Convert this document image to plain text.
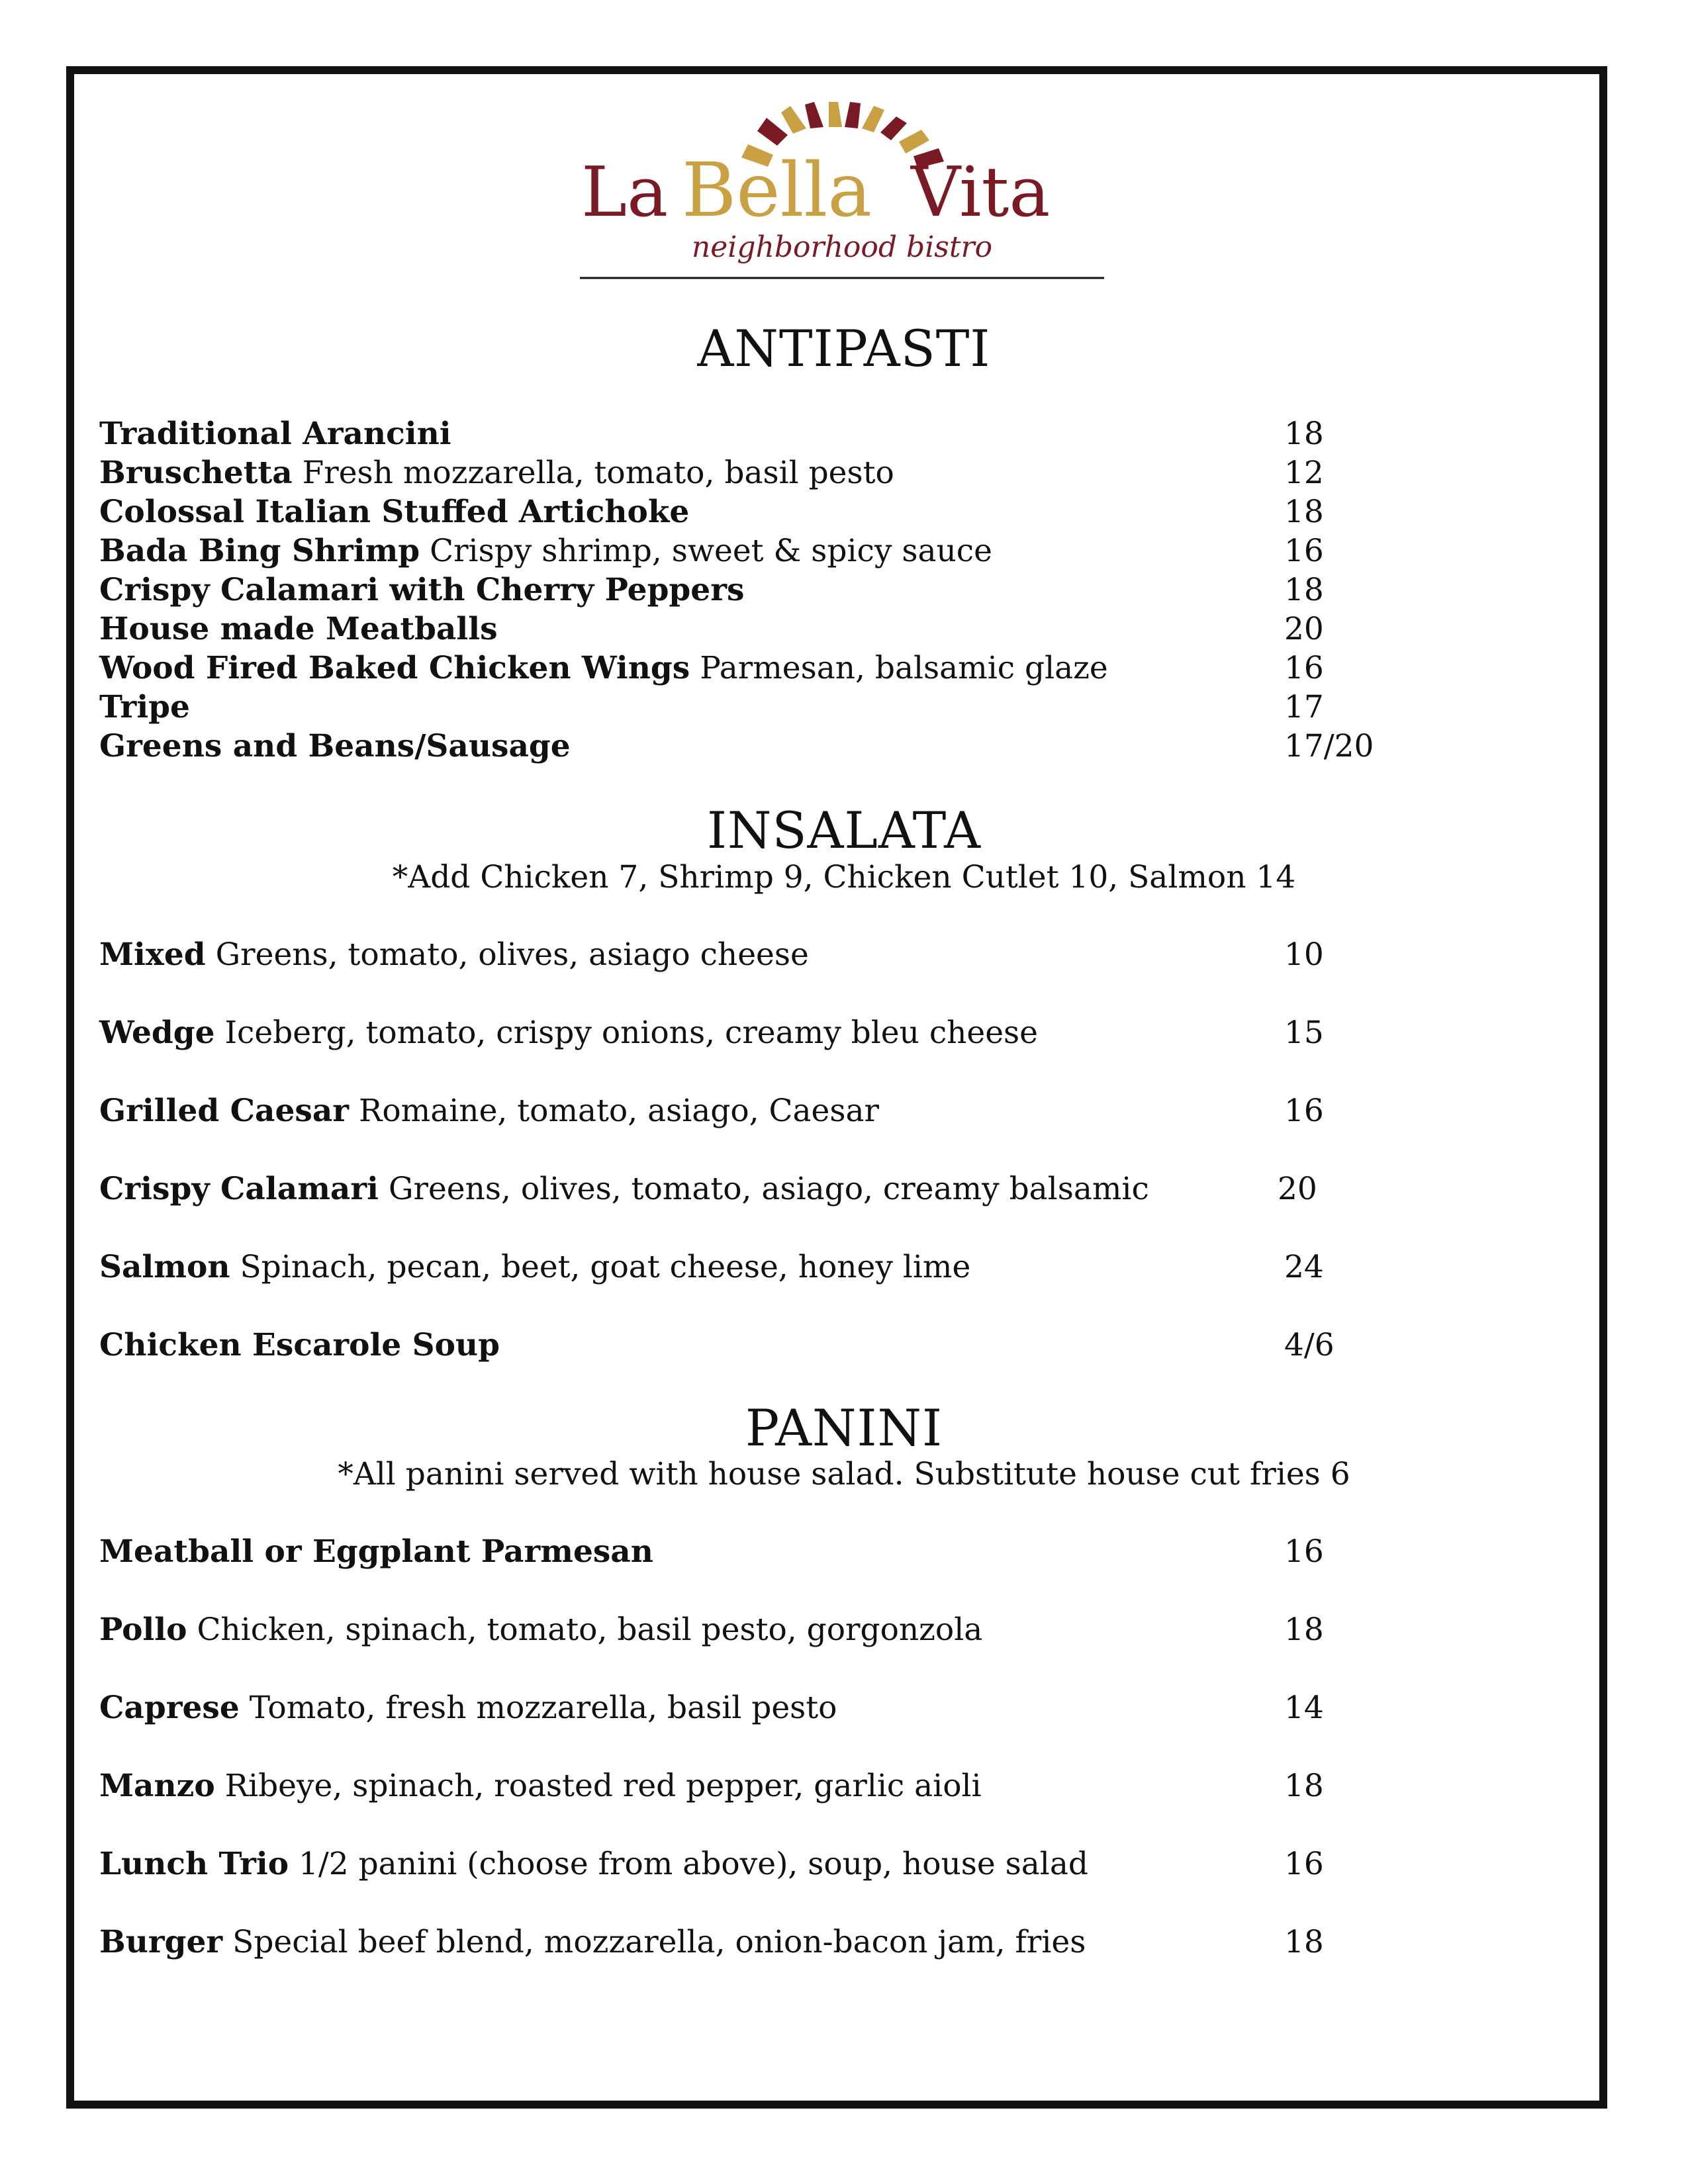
La Bella Vita
neighborhood bistro
ANTIPASTI
Traditional Arancini	18
Bruschetta Fresh mozzarella, tomato, basil pesto	12
Colossal Italian Stuffed Artichoke	18
Bada Bing Shrimp Crispy shrimp, sweet & spicy sauce	16
Crispy Calamari with Cherry Peppers	18
House made Meatballs	20
Wood Fired Baked Chicken Wings Parmesan, balsamic glaze	16
Tripe	17
Greens and Beans/Sausage	17/20
INSALATA
*Add Chicken 7, Shrimp 9, Chicken Cutlet 10, Salmon 14
Mixed Greens, tomato, olives, asiago cheese	10
Wedge Iceberg, tomato, crispy onions, creamy bleu cheese	15
Grilled Caesar Romaine, tomato, asiago, Caesar	16
Crispy Calamari Greens, olives, tomato, asiago, creamy balsamic	20
Salmon Spinach, pecan, beet, goat cheese, honey lime	24
Chicken Escarole Soup	4/6
PANINI
*All panini served with house salad. Substitute house cut fries 6
Meatball or Eggplant Parmesan	16
Pollo Chicken, spinach, tomato, basil pesto, gorgonzola	18
Caprese Tomato, fresh mozzarella, basil pesto	14
Manzo Ribeye, spinach, roasted red pepper, garlic aioli	18
Lunch Trio 1/2 panini (choose from above), soup, house salad	16
Burger Special beef blend, mozzarella, onion-bacon jam, fries	18
